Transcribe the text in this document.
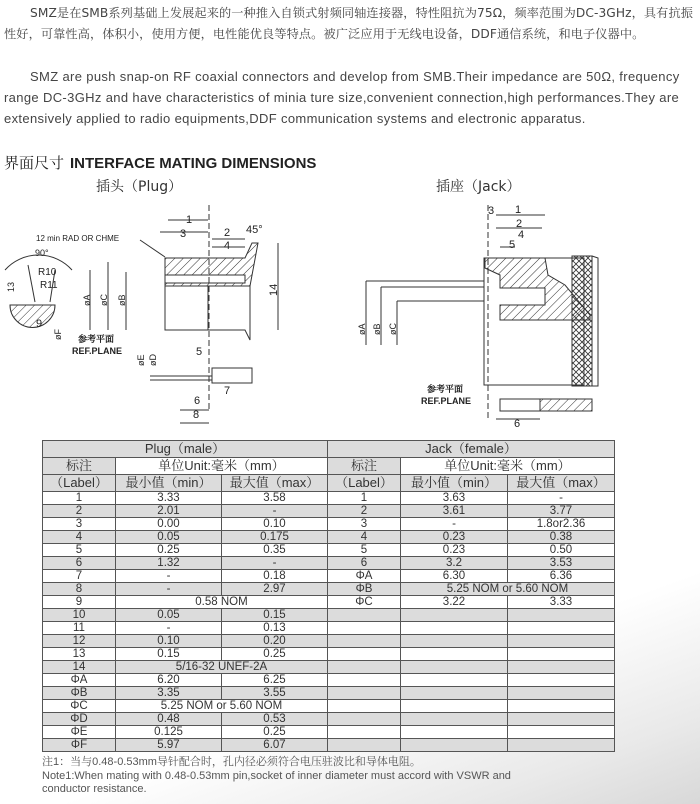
SMZ是在SMB系列基础上发展起来的一种推入自锁式射频同轴连接器，特性阻抗为75Ω，频率范围为DC-3GHz，具有抗振性好，可靠性高，体积小，使用方便，电性能优良等特点。被广泛应用于无线电设备，DDF通信系统，和电子仪器中。

SMZ are push snap-on RF coaxial connectors and develop from SMB.Their impedance are 50Ω, frequency range DC-3GHz and have characteristics of minia ture size,convenient connection,high performances.They are extensively applied to radio equipments,DDF communication systems and electronic apparatus.

界面尺寸 INTERFACE MATING DIMENSIONS
插头（Plug）	插座（Jack）
1
3	2
4
45°
12 min RAD OR CHME
90°
R10
R11
13
9
øF
øA øC øB
14
参考平面
REF.PLANE	5
øE øD
7
6
8
3 1
2
4
5
øA øB øC
参考平面
REF.PLANE
6
Plug（male）			Jack（female）		
标注	单位Unit:毫米（mm）		标注	单位Unit:毫米（mm）	
（Label）	最小值（min）	最大值（max）	（Label）	最小值（min）	最大值（max）
1	3.33	3.58	1	3.63	-
2	2.01	-	2	3.61	3.77
3	0.00	0.10	3	-	1.8or2.36
4	0.05	0.175	4	0.23	0.38
5	0.25	0.35	5	0.23	0.50
6	1.32	-	6	3.2	3.53
7	-	0.18	ΦA	6.30	6.36
8	-	2.97	ΦB	5.25 NOM or 5.60 NOM	
9	0.58 NOM		ΦC	3.22	3.33
10	0.05	0.15			
11	-	0.13			
12	0.10	0.20			
13	0.15	0.25			
14	5/16-32 UNEF-2A				
ΦA	6.20	6.25			
ΦB	3.35	3.55			
ΦC	5.25 NOM or 5.60 NOM				
ΦD	0.48	0.53			
ΦE	0.125	0.25			
ΦF	5.97	6.07			
注1：当与0.48-0.53mm导针配合时，孔内径必须符合电压驻波比和导体电阻。
Note1:When mating with 0.48-0.53mm pin,socket of inner diameter must accord with VSWR and
conductor resistance.
